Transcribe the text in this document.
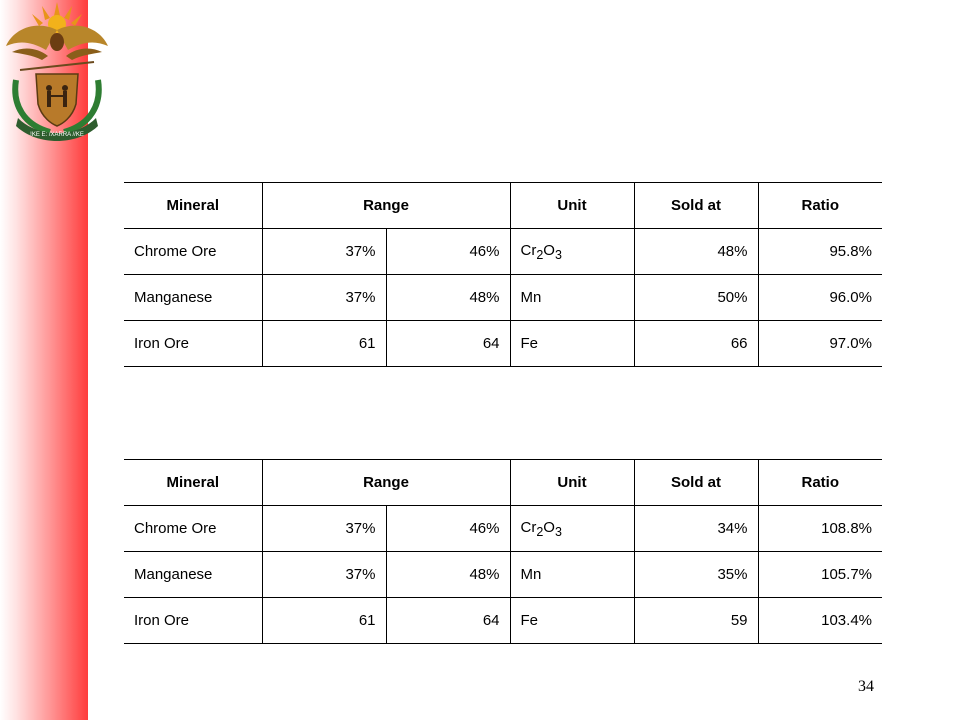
!KE E: /XARRA //KE
Mineral	Range		Unit	Sold at	Ratio
Chrome Ore	37%	46%	$Cr_2O_3$	48%	95.8%
Manganese	37%	48%	Mn	50%	96.0%
Iron Ore	61	64	Fe	66	97.0%
Mineral	Range		Unit	Sold at	Ratio
Chrome Ore	37%	46%	$Cr_2O_3$	34%	108.8%
Manganese	37%	48%	Mn	35%	105.7%
Iron Ore	61	64	Fe	59	103.4%
34
